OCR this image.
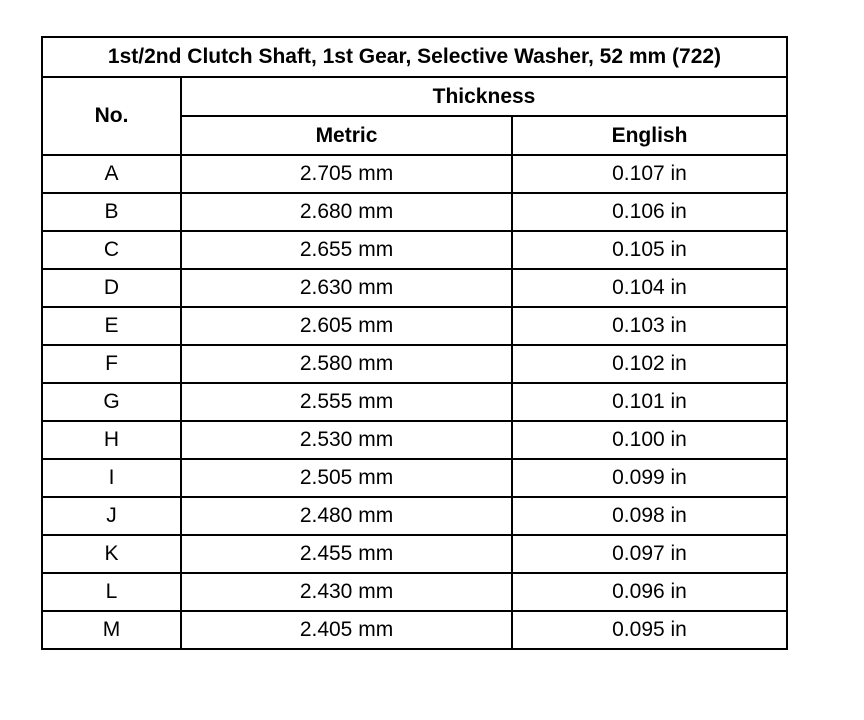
1st/2nd Clutch Shaft, 1st Gear, Selective Washer, 52 mm (722)		
No.	Thickness	
	Metric	English
A	2.705 mm	0.107 in
B	2.680 mm	0.106 in
C	2.655 mm	0.105 in
D	2.630 mm	0.104 in
E	2.605 mm	0.103 in
F	2.580 mm	0.102 in
G	2.555 mm	0.101 in
H	2.530 mm	0.100 in
I	2.505 mm	0.099 in
J	2.480 mm	0.098 in
K	2.455 mm	0.097 in
L	2.430 mm	0.096 in
M	2.405 mm	0.095 in
